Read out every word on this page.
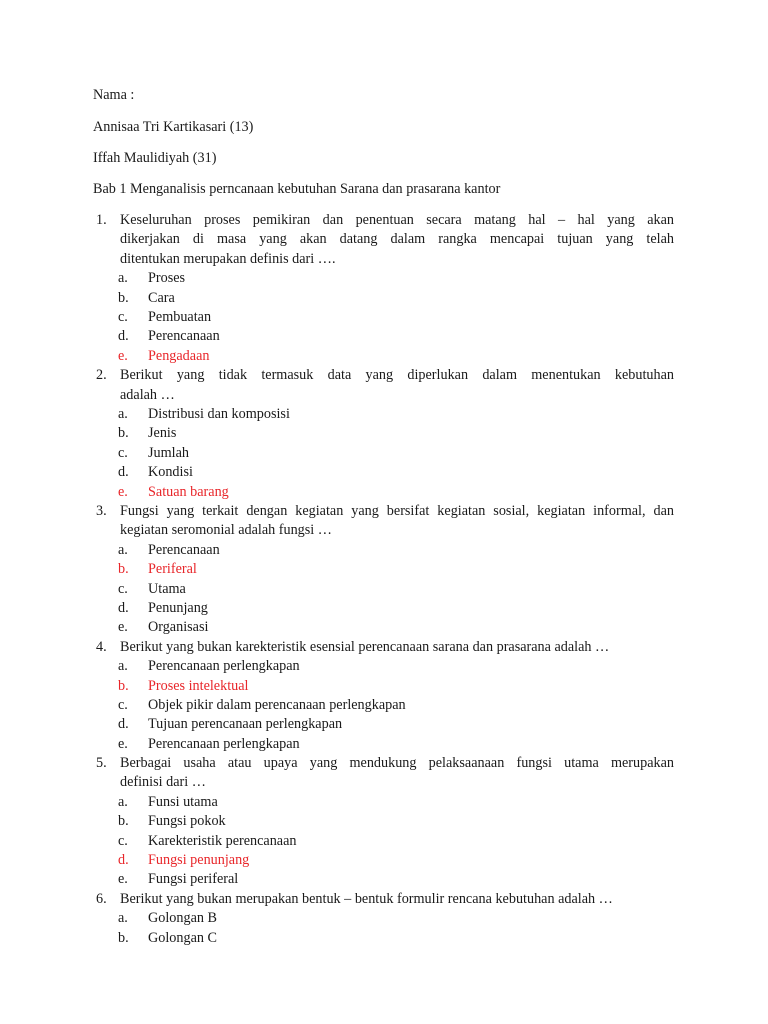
Nama :

Annisaa Tri Kartikasari (13)

Iffah Maulidiyah (31)

Bab 1 Menganalisis perncanaan kebutuhan Sarana dan prasarana kantor

1. Keseluruhan proses pemikiran dan penentuan secara matang hal – hal yang akan
dikerjakan di masa yang akan datang dalam rangka mencapai tujuan yang telah
ditentukan merupakan definis dari ….
a. Proses
b. Cara
c. Pembuatan
d. Perencanaan
e. Pengadaan
2. Berikut yang tidak termasuk data yang diperlukan dalam menentukan kebutuhan
adalah …
a. Distribusi dan komposisi
b. Jenis
c. Jumlah
d. Kondisi
e. Satuan barang
3. Fungsi yang terkait dengan kegiatan yang bersifat kegiatan sosial, kegiatan informal, dan
kegiatan seromonial adalah fungsi …
a. Perencanaan
b. Periferal
c. Utama
d. Penunjang
e. Organisasi
4. Berikut yang bukan karekteristik esensial perencanaan sarana dan prasarana adalah …
a. Perencanaan perlengkapan
b. Proses intelektual
c. Objek pikir dalam perencanaan perlengkapan
d. Tujuan perencanaan perlengkapan
e. Perencanaan perlengkapan
5. Berbagai usaha atau upaya yang mendukung pelaksaanaan fungsi utama merupakan
definisi dari …
a. Funsi utama
b. Fungsi pokok
c. Karekteristik perencanaan
d. Fungsi penunjang
e. Fungsi periferal
6. Berikut yang bukan merupakan bentuk – bentuk formulir rencana kebutuhan adalah …
a. Golongan B
b. Golongan C
